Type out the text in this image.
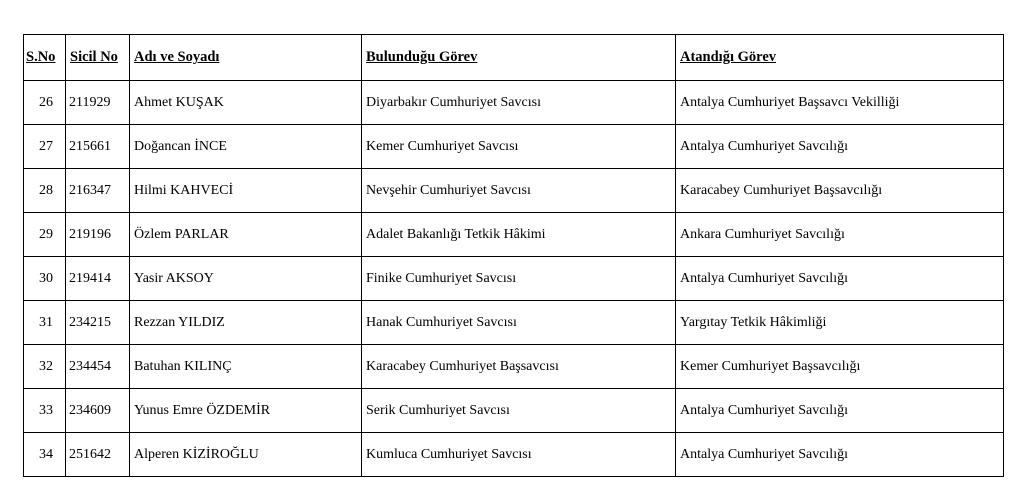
S.No	Sicil No	Adı ve Soyadı	Bulunduğu Görev	Atandığı Görev
26	211929	Ahmet KUŞAK	Diyarbakır Cumhuriyet Savcısı	Antalya Cumhuriyet Başsavcı Vekilliği
27	215661	Doğancan İNCE	Kemer Cumhuriyet Savcısı	Antalya Cumhuriyet Savcılığı
28	216347	Hilmi KAHVECİ	Nevşehir Cumhuriyet Savcısı	Karacabey Cumhuriyet Başsavcılığı
29	219196	Özlem PARLAR	Adalet Bakanlığı Tetkik Hâkimi	Ankara Cumhuriyet Savcılığı
30	219414	Yasir AKSOY	Finike Cumhuriyet Savcısı	Antalya Cumhuriyet Savcılığı
31	234215	Rezzan YILDIZ	Hanak Cumhuriyet Savcısı	Yargıtay Tetkik Hâkimliği
32	234454	Batuhan KILINÇ	Karacabey Cumhuriyet Başsavcısı	Kemer Cumhuriyet Başsavcılığı
33	234609	Yunus Emre ÖZDEMİR	Serik Cumhuriyet Savcısı	Antalya Cumhuriyet Savcılığı
34	251642	Alperen KİZİROĞLU	Kumluca Cumhuriyet Savcısı	Antalya Cumhuriyet Savcılığı
